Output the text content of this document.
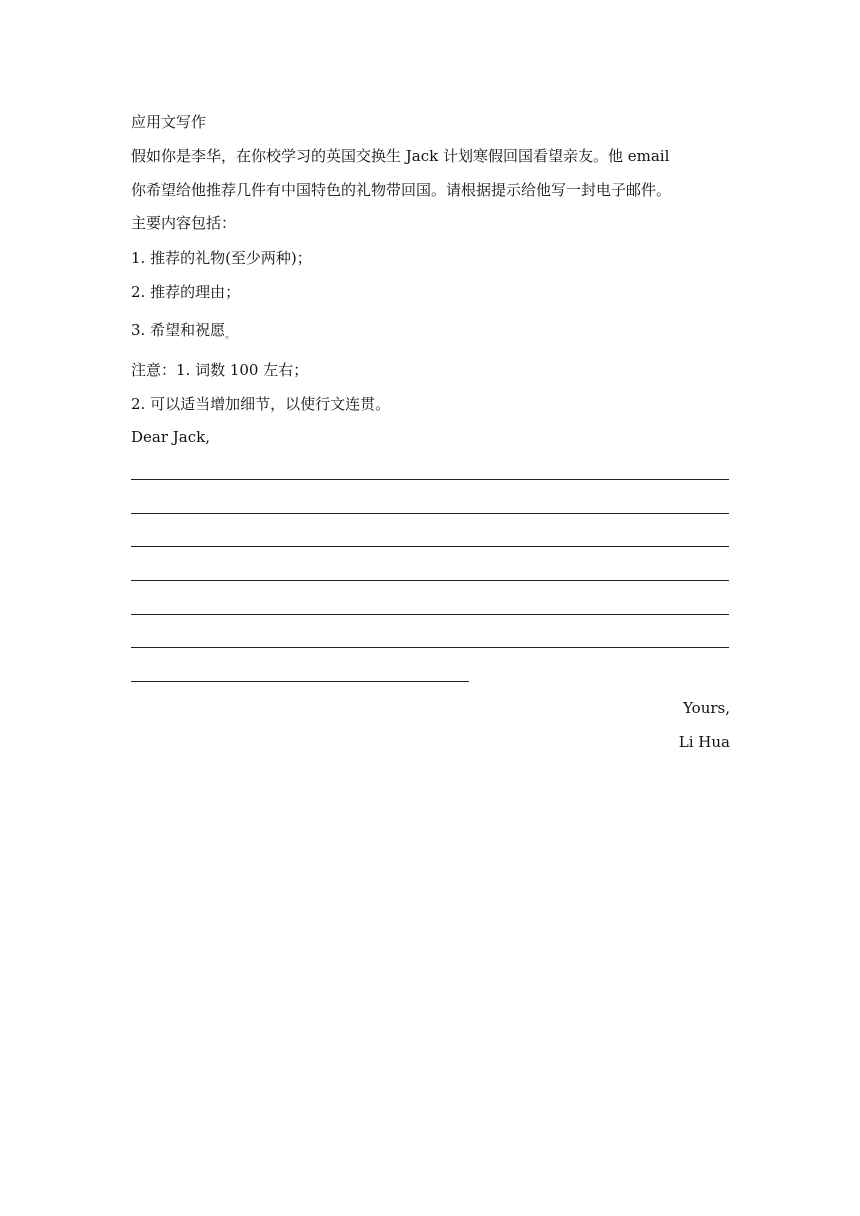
应用文写作
假如你是李华，在你校学习的英国交换生 Jack 计划寒假回国看望亲友。他 email
你希望给他推荐几件有中国特色的礼物带回国。请根据提示给他写一封电子邮件。
主要内容包括：
1. 推荐的礼物(至少两种)；
2. 推荐的理由；
3. 希望和祝愿$_。$
注意：1. 词数 100 左右；
2. 可以适当增加细节，以使行文连贯。
Dear Jack,
Yours,
Li Hua
